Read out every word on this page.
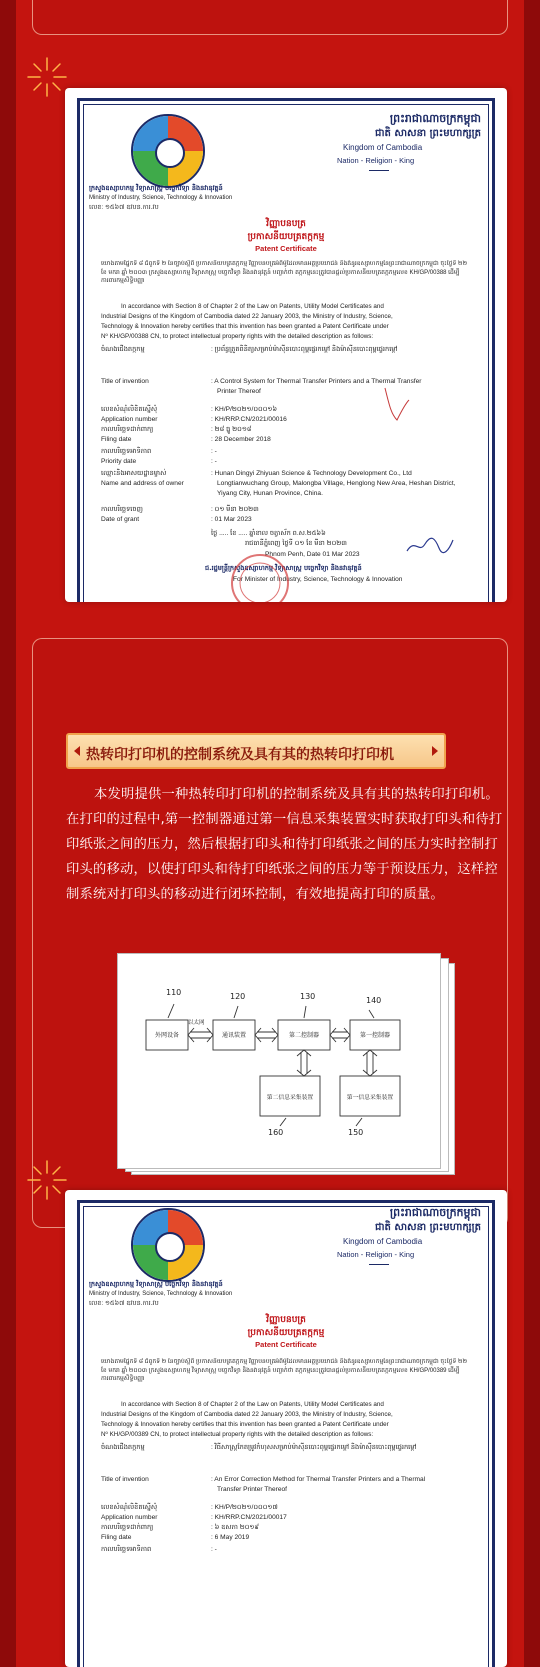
ព្រះរាជាណាចក្រកម្ពុជា
ជាតិ សាសនា ព្រះមហាក្សត្រ
Kingdom of Cambodia
Nation - Religion - King
ក្រសួងឧស្សាហកម្ម វិទ្យាសាស្ត្រ បច្ចេកវិទ្យា និងនវានុវត្តន៍
Ministry of Industry, Science, Technology & Innovation
លេខ: ១៥៦៧ ឧវបន.ការ.វប
វិញ្ញាបនបត្រ
ប្រកាសនីយបត្រតក្កកម្ម
Patent Certificate
យោងតាមផ្នែកទី ៨ ជំពូកទី ២ នៃច្បាប់ស្តីពី ប្រកាសនីយបត្រតក្កកម្ម វិញ្ញាបនបត្រអំពីម៉ូដែលមានអត្ថប្រយោជន៍ និងគំនូរឧស្សាហកម្មនៃព្រះរាជាណាចក្រកម្ពុជា ចុះថ្ងៃទី ២២ ខែ មករា ឆ្នាំ ២០០៣ ក្រសួងឧស្សាហកម្ម វិទ្យាសាស្ត្រ បច្ចេកវិទ្យា និងនវានុវត្តន៍ បញ្ជាក់ថា តក្កកម្មនេះត្រូវបានផ្តល់ប្រកាសនីយបត្រតក្កកម្មលេខ KH/GP/00388 ដើម្បីការពារកម្មសិទ្ធិបញ្ញា
In accordance with Section 8 of Chapter 2 of the Law on Patents, Utility Model Certificates and
Industrial Designs of the Kingdom of Cambodia dated 22 January 2003, the Ministry of Industry, Science,
Technology & Innovation hereby certifies that this invention has been granted a Patent Certificate under
Nº KH/GP/00388 CN, to protect intellectual property rights with the detailed description as follows:
ចំណងជើងតក្កកម្ម	: ប្រព័ន្ធត្រួតពិនិត្យសម្រាប់ម៉ាស៊ីនបោះពុម្ពផ្ទេរកម្ដៅ និងម៉ាស៊ីនបោះពុម្ពផ្ទេរកម្ដៅ
Title of invention	: A Control System for Thermal Transfer Printers and a Thermal Transfer
Printer Thereof
លេខសំណុំលិខិតស្នើសុំ	: KH/P/២០២១/០០០១៦
Application number	: KH/RRP.CN/2021/00016
កាលបរិច្ឆេទដាក់ពាក្យ	: ២៨ ធ្នូ ២០១៨
Filing date	: 28 December 2018
កាលបរិច្ឆេទអាទិភាព	: -
Priority date	: -
ឈ្មោះនិងអាសយដ្ឋានម្ចាស់	: Hunan Dingyi Zhiyuan Science & Technology Development Co., Ltd
Name and address of owner	Longtianwuchang Group, Malongba Village, Henglong New Area, Heshan District,
Yiyang City, Hunan Province, China.
កាលបរិច្ឆេទចេញ	: ០១ មីនា ២០២៣
Date of grant	: 01 Mar 2023
ថ្ងៃ ..... ខែ ..... ឆ្នាំខាល ចត្វាស័ក ព.ស.២៥៦៦
រាជធានីភ្នំពេញ ថ្ងៃទី ០១ ខែ មីនា ២០២៣
Phnom Penh, Date 01 Mar 2023
ជ.រដ្ឋមន្ត្រីក្រសួងឧស្សាហកម្ម វិទ្យាសាស្ត្រ បច្ចេកវិទ្យា និងនវានុវត្តន៍
For Minister of Industry, Science, Technology & Innovation
热转印打印机的控制系统及具有其的热转印打印机
本发明提供一种热转印打印机的控制系统及具有其的热转印打印机。在打印的过程中,第一控制器通过第一信息采集装置实时获取打印头和待打印纸张之间的压力，然后根据打印头和待打印纸张之间的压力实时控制打印头的移动，以使打印头和待打印纸张之间的压力等于预设压力，这样控制系统对打印头的移动进行闭环控制，有效地提高打印的质量。
110	120	130	140
160	150
以太网
外网设备	通讯装置	第二控制器	第一控制器
第二信息采集装置	第一信息采集装置
ព្រះរាជាណាចក្រកម្ពុជា
ជាតិ សាសនា ព្រះមហាក្សត្រ
Kingdom of Cambodia
Nation - Religion - King
ក្រសួងឧស្សាហកម្ម វិទ្យាសាស្ត្រ បច្ចេកវិទ្យា និងនវានុវត្តន៍
Ministry of Industry, Science, Technology & Innovation
លេខ: ១៥៦៧ ឧវបន.ការ.វប
វិញ្ញាបនបត្រ
ប្រកាសនីយបត្រតក្កកម្ម
Patent Certificate
យោងតាមផ្នែកទី ៨ ជំពូកទី ២ នៃច្បាប់ស្តីពី ប្រកាសនីយបត្រតក្កកម្ម វិញ្ញាបនបត្រអំពីម៉ូដែលមានអត្ថប្រយោជន៍ និងគំនូរឧស្សាហកម្មនៃព្រះរាជាណាចក្រកម្ពុជា ចុះថ្ងៃទី ២២ ខែ មករា ឆ្នាំ ២០០៣ ក្រសួងឧស្សាហកម្ម វិទ្យាសាស្ត្រ បច្ចេកវិទ្យា និងនវានុវត្តន៍ បញ្ជាក់ថា តក្កកម្មនេះត្រូវបានផ្តល់ប្រកាសនីយបត្រតក្កកម្មលេខ KH/GP/00389 ដើម្បីការពារកម្មសិទ្ធិបញ្ញា
In accordance with Section 8 of Chapter 2 of the Law on Patents, Utility Model Certificates and
Industrial Designs of the Kingdom of Cambodia dated 22 January 2003, the Ministry of Industry, Science,
Technology & Innovation hereby certifies that this invention has been granted a Patent Certificate under
Nº KH/GP/00389 CN, to protect intellectual property rights with the detailed description as follows:
ចំណងជើងតក្កកម្ម	: វិធីសាស្ត្រកែតម្រូវកំហុសសម្រាប់ម៉ាស៊ីនបោះពុម្ពផ្ទេរកម្ដៅ និងម៉ាស៊ីនបោះពុម្ពផ្ទេរកម្ដៅ
Title of invention	: An Error Correction Method for Thermal Transfer Printers and a Thermal
Transfer Printer Thereof
លេខសំណុំលិខិតស្នើសុំ	: KH/P/២០២១/០០០១៧
Application number	: KH/RRP.CN/2021/00017
កាលបរិច្ឆេទដាក់ពាក្យ	: ៦ ឧសភា ២០១៩
Filing date	: 6 May 2019
កាលបរិច្ឆេទអាទិភាព	: -
